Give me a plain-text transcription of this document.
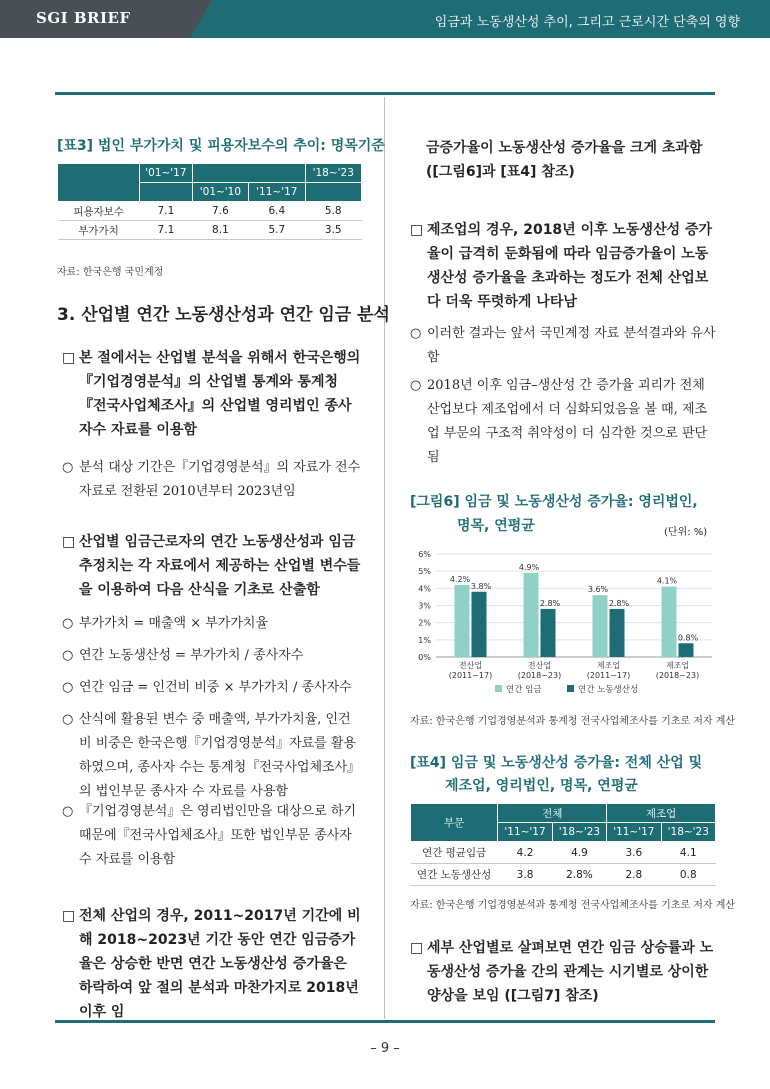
SGI BRIEF	임금과 노동생산성 추이, 그리고 근로시간 단축의 영향
[표3] 법인 부가가치 및 피용자보수의 추이: 명목기준
	'01~'17			'18~'23
		'01~'10	'11~'17	
피용자보수	7.1	7.6	6.4	5.8
부가가치	7.1	8.1	5.7	3.5
자료: 한국은행 국민계정
3. 산업별 연간 노동생산성과 연간 임금 분석
□ 본 절에서는 산업별 분석을 위해서 한국은행의 『기업경영분석』의 산업별 통계와 통계청 『전국사업체조사』의 산업별 영리법인 종사자수 자료를 이용함
○ 분석 대상 기간은『기업경영분석』의 자료가 전수자료로 전환된 2010년부터 2023년임
□ 산업별 임금근로자의 연간 노동생산성과 임금 추정치는 각 자료에서 제공하는 산업별 변수들을 이용하여 다음 산식을 기초로 산출함
○ 부가가치 = 매출액 × 부가가치율
○ 연간 노동생산성 = 부가가치 / 종사자수
○ 연간 임금 = 인건비 비중 × 부가가치 / 종사자수
○ 산식에 활용된 변수 중 매출액, 부가가치율, 인건비 비중은 한국은행『기업경영분석』자료를 활용하였으며, 종사자 수는 통계청『전국사업체조사』의 법인부문 종사자 수 자료를 사용함
○ 『기업경영분석』은 영리법인만을 대상으로 하기 때문에『전국사업체조사』또한 법인부문 종사자 수 자료를 이용함
□ 전체 산업의 경우, 2011~2017년 기간에 비해 2018~2023년 기간 동안 연간 임금증가율은 상승한 반면 연간 노동생산성 증가율은 하락하여 앞 절의 분석과 마찬가지로 2018년 이후 임
금증가율이 노동생산성 증가율을 크게 초과함 ([그림6]과 [표4] 참조)
□ 제조업의 경우, 2018년 이후 노동생산성 증가율이 급격히 둔화됨에 따라 임금증가율이 노동생산성 증가율을 초과하는 정도가 전체 산업보다 더욱 뚜렷하게 나타남
○ 이러한 결과는 앞서 국민계정 자료 분석결과와 유사함
○ 2018년 이후 임금–생산성 간 증가율 괴리가 전체 산업보다 제조업에서 더 심화되었음을 볼 때, 제조업 부문의 구조적 취약성이 더 심각한 것으로 판단됨
[그림6] 임금 및 노동생산성 증가율: 영리법인,
명목, 연평균	(단위: %)
0%
1%
2%
3%
4%
5%
6%
4.2%
3.8%
전산업
(2011~17)
4.9%
2.8%
전산업
(2018~23)
3.6%
2.8%
제조업
(2011~17)
4.1%
0.8%
제조업
(2018~23)
연간 임금	연간 노동생산성
자료: 한국은행 기업경영분석과 통계청 전국사업체조사를 기초로 저자 계산
[표4] 임금 및 노동생산성 증가율: 전체 산업 및
제조업, 영리법인, 명목, 연평균
부문	전체		제조업	
	'11~'17	'18~'23	'11~'17	'18~'23
연간 평균임금	4.2	4.9	3.6	4.1
연간 노동생산성	3.8	2.8%	2.8	0.8
자료: 한국은행 기업경영분석과 통계청 전국사업체조사를 기초로 저자 계산
□ 세부 산업별로 살펴보면 연간 임금 상승률과 노동생산성 증가율 간의 관계는 시기별로 상이한 양상을 보임 ([그림7] 참조)
– 9 –
